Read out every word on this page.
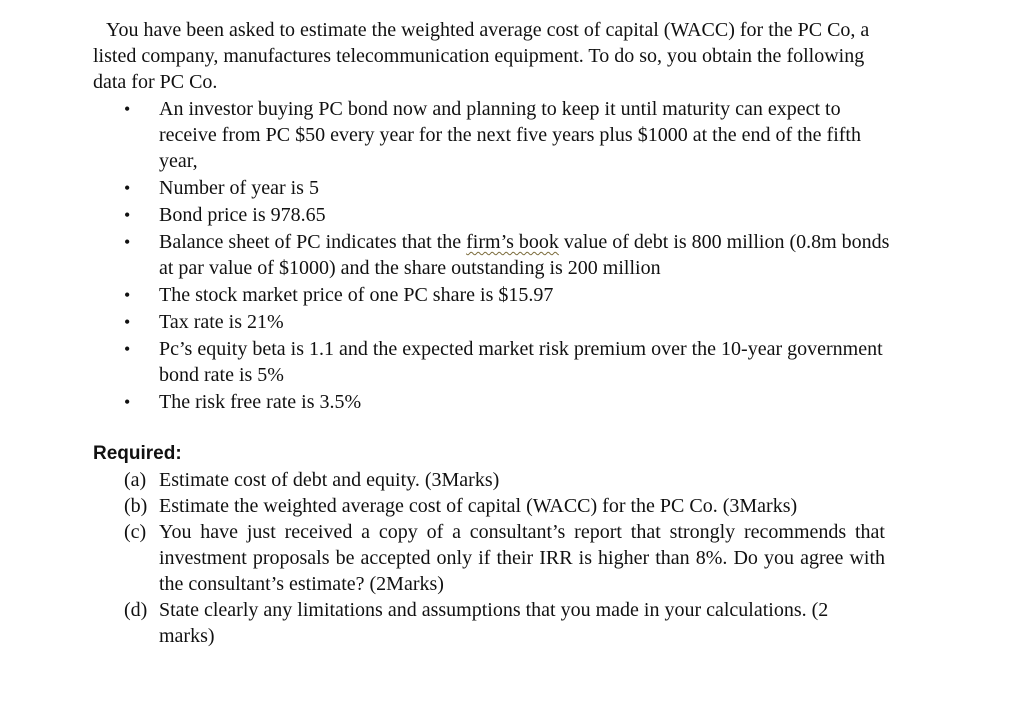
You have been asked to estimate the weighted average cost of capital (WACC) for the PC Co, a listed company, manufactures telecommunication equipment. To do so, you obtain the following data for PC Co.

• An investor buying PC bond now and planning to keep it until maturity can expect to receive from PC $50 every year for the next five years plus $1000 at the end of the fifth year,
• Number of year is 5
• Bond price is 978.65
• Balance sheet of PC indicates that the firm’s book value of debt is 800 million (0.8m bonds at par value of $1000) and the share outstanding is 200 million
• The stock market price of one PC share is $15.97
• Tax rate is 21%
• Pc’s equity beta is 1.1 and the expected market risk premium over the 10-year government bond rate is 5%
• The risk free rate is 3.5%

Required:

(a) Estimate cost of debt and equity. (3Marks)
(b) Estimate the weighted average cost of capital (WACC) for the PC Co. (3Marks)
(c) You have just received a copy of a consultant’s report that strongly recommends that investment proposals be accepted only if their IRR is higher than 8%. Do you agree with the consultant’s estimate? (2Marks)
(d) State clearly any limitations and assumptions that you made in your calculations. (2 marks)
